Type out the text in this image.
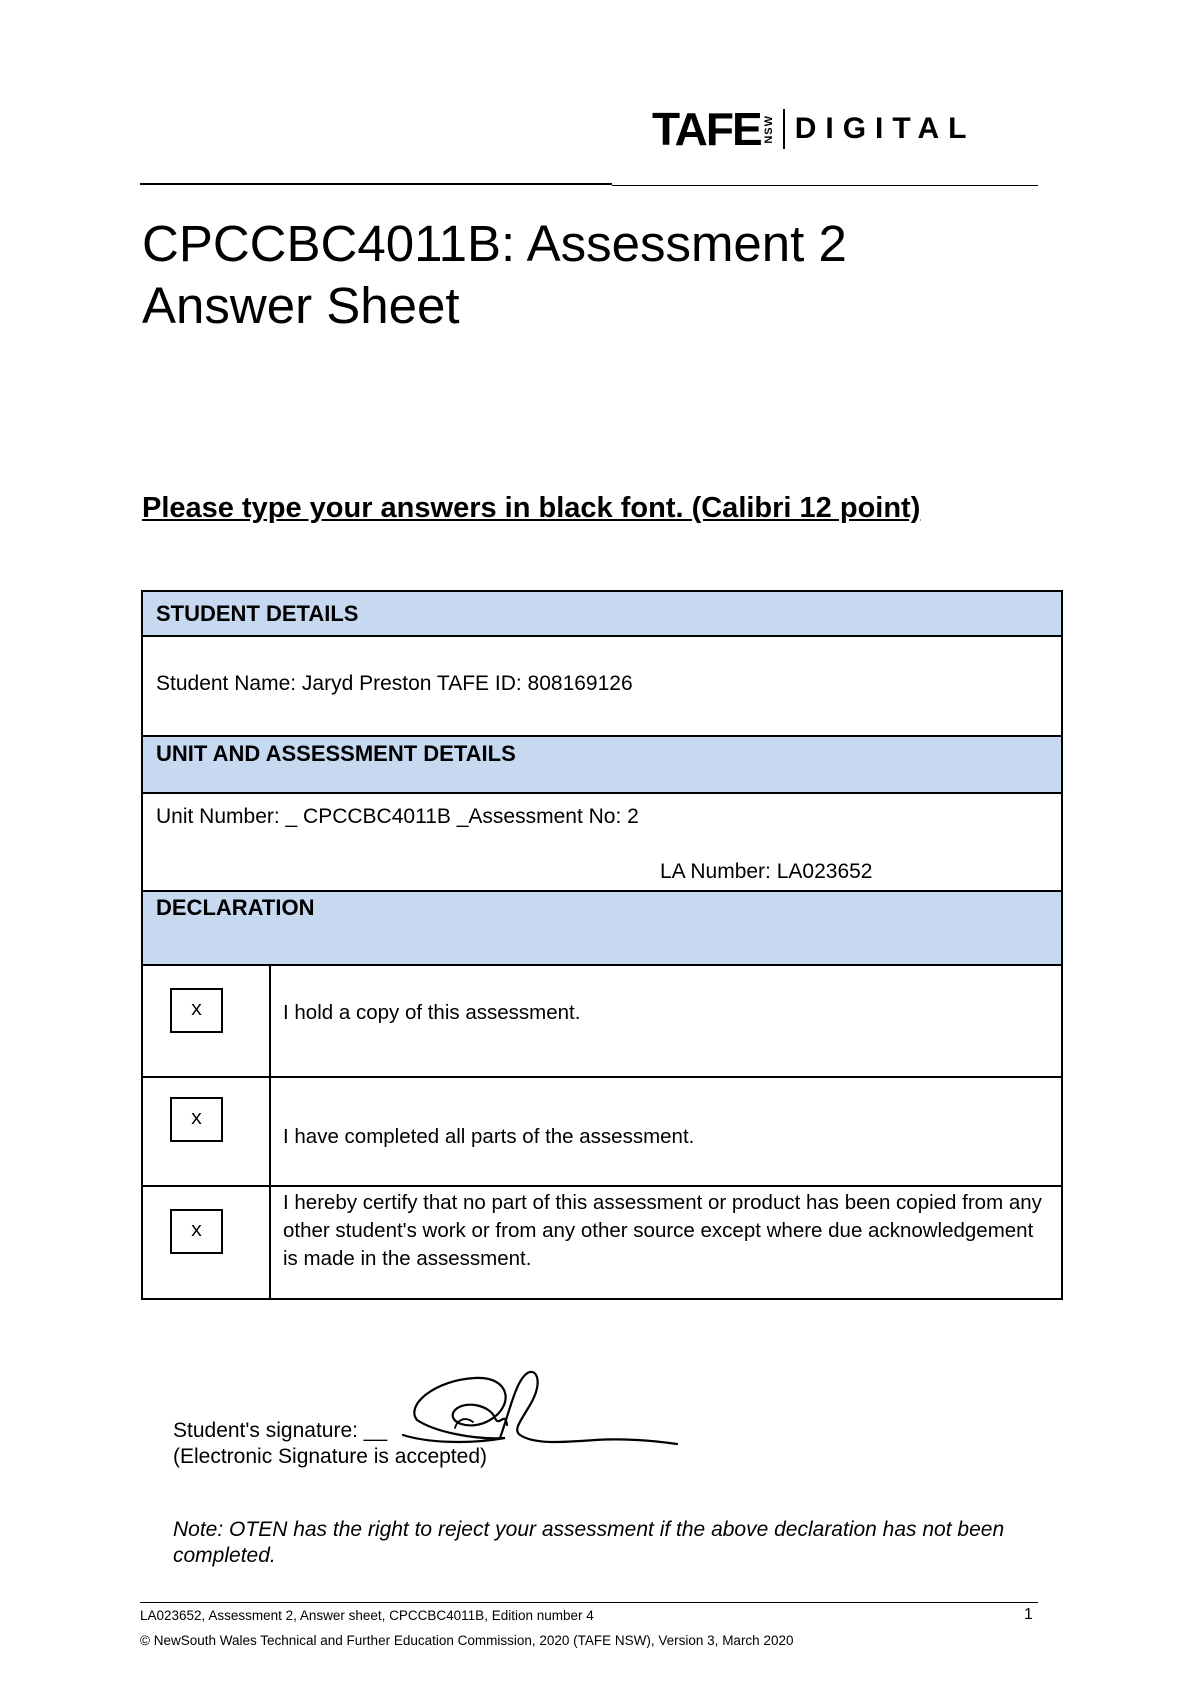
TAFE NSW DIGITAL
CPCCBC4011B: Assessment 2
Answer Sheet

Please type your answers in black font. (Calibri 12 point)

STUDENT DETAILS
Student Name: Jaryd Preston TAFE ID: 808169126
UNIT AND ASSESSMENT DETAILS
Unit Number: _ CPCCBC4011B _Assessment No: 2
LA Number: LA023652
DECLARATION
x	I hold a copy of this assessment.
x
I have completed all parts of the assessment.
x
I hereby certify that no part of this assessment or product has been copied from any other student's work or from any other source except where due acknowledgement is made in the assessment.
Student's signature: __
(Electronic Signature is accepted)
Note: OTEN has the right to reject your assessment if the above declaration has not been completed.
LA023652, Assessment 2, Answer sheet, CPCCBC4011B, Edition number 4	1
© NewSouth Wales Technical and Further Education Commission, 2020 (TAFE NSW), Version 3, March 2020
